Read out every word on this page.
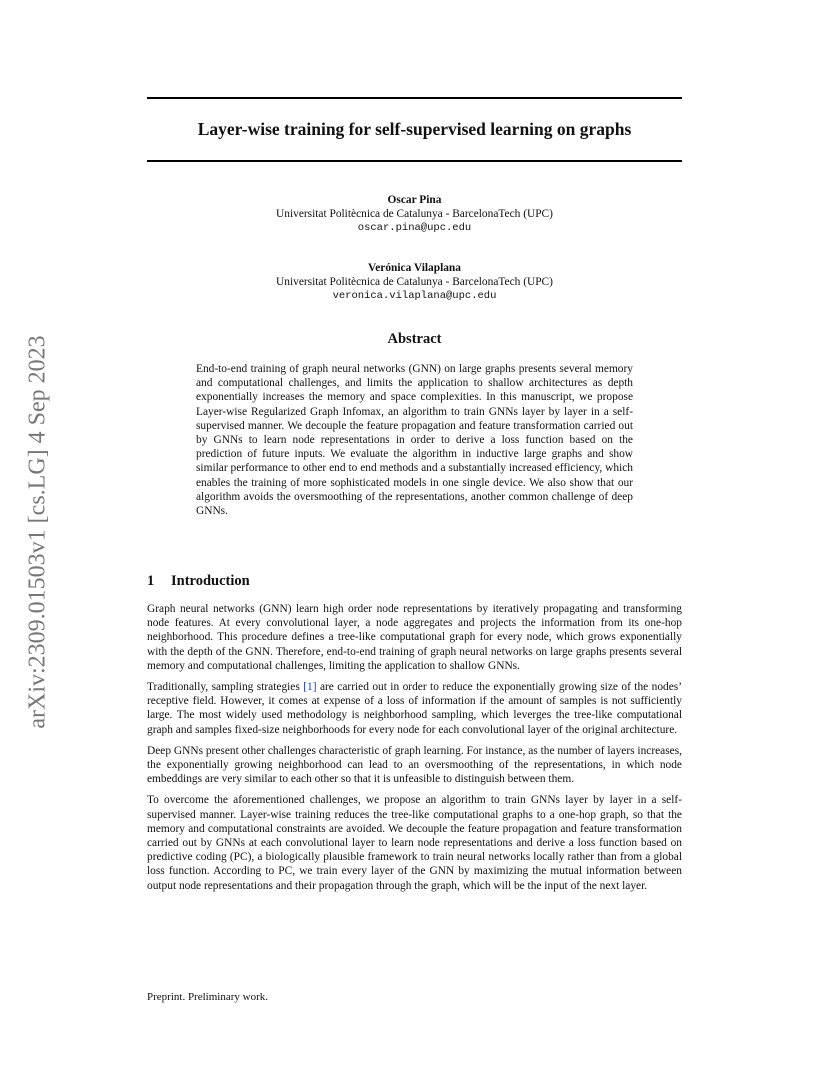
arXiv:2309.01503v1 [cs.LG] 4 Sep 2023
Layer-wise training for self-supervised learning on graphs
Oscar Pina
Universitat Politècnica de Catalunya - BarcelonaTech (UPC)
oscar.pina@upc.edu
Verónica Vilaplana
Universitat Politècnica de Catalunya - BarcelonaTech (UPC)
veronica.vilaplana@upc.edu
Abstract
End-to-end training of graph neural networks (GNN) on large graphs presents several memory and computational challenges, and limits the application to shallow architectures as depth exponentially increases the memory and space complexities. In this manuscript, we propose Layer-wise Regularized Graph Infomax, an algorithm to train GNNs layer by layer in a self-supervised manner. We decouple the feature propagation and feature transformation carried out by GNNs to learn node representations in order to derive a loss function based on the prediction of future inputs. We evaluate the algorithm in inductive large graphs and show similar performance to other end to end methods and a substantially increased efficiency, which enables the training of more sophisticated models in one single device. We also show that our algorithm avoids the oversmoothing of the representations, another common challenge of deep GNNs.
1 Introduction

Graph neural networks (GNN) learn high order node representations by iteratively propagating and transforming node features. At every convolutional layer, a node aggregates and projects the information from its one-hop neighborhood. This procedure defines a tree-like computational graph for every node, which grows exponentially with the depth of the GNN. Therefore, end-to-end training of graph neural networks on large graphs presents several memory and computational challenges, limiting the application to shallow GNNs.

Traditionally, sampling strategies [1] are carried out in order to reduce the exponentially growing size of the nodes’ receptive field. However, it comes at expense of a loss of information if the amount of samples is not sufficiently large. The most widely used methodology is neighborhood sampling, which leverges the tree-like computational graph and samples fixed-size neighborhoods for every node for each convolutional layer of the original architecture.

Deep GNNs present other challenges characteristic of graph learning. For instance, as the number of layers increases, the exponentially growing neighborhood can lead to an oversmoothing of the representations, in which node embeddings are very similar to each other so that it is unfeasible to distinguish between them.

To overcome the aforementioned challenges, we propose an algorithm to train GNNs layer by layer in a self-supervised manner. Layer-wise training reduces the tree-like computational graphs to a one-hop graph, so that the memory and computational constraints are avoided. We decouple the feature propagation and feature transformation carried out by GNNs at each convolutional layer to learn node representations and derive a loss function based on predictive coding (PC), a biologically plausible framework to train neural networks locally rather than from a global loss function. According to PC, we train every layer of the GNN by maximizing the mutual information between output node representations and their propagation through the graph, which will be the input of the next layer.

Preprint. Preliminary work.
